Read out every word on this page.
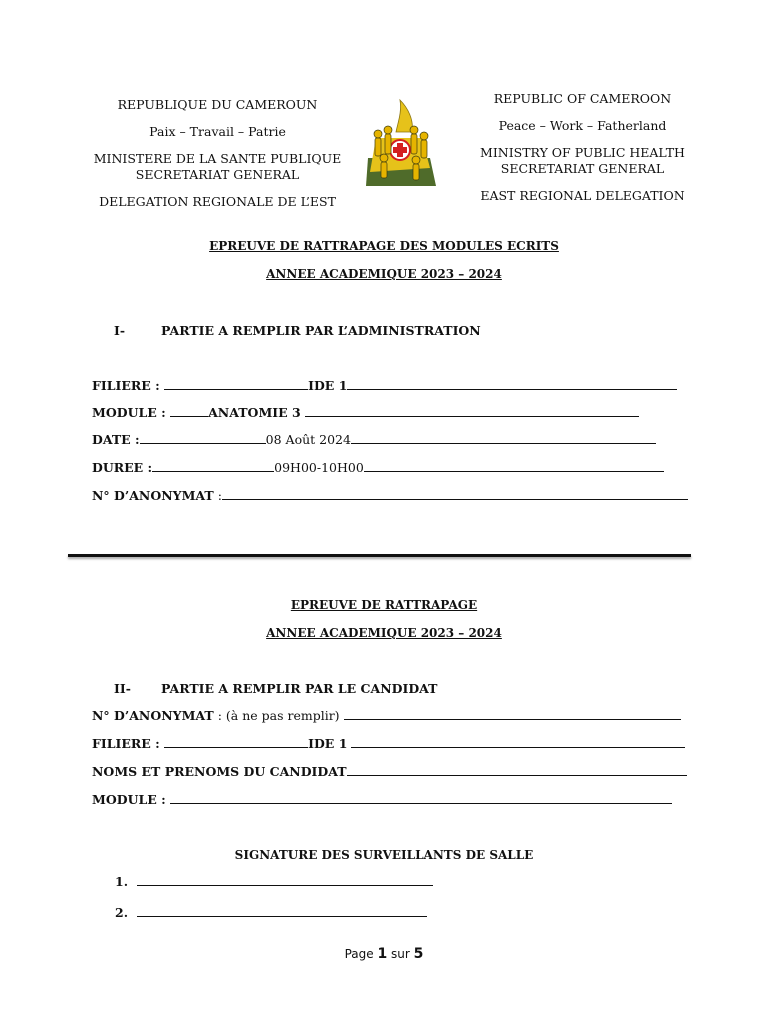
REPUBLIQUE DU CAMEROUN
Paix – Travail – Patrie
MINISTERE DE LA SANTE PUBLIQUE
SECRETARIAT GENERAL
DELEGATION REGIONALE DE L’EST
REPUBLIC OF CAMEROON
Peace – Work – Fatherland
MINISTRY OF PUBLIC HEALTH
SECRETARIAT GENERAL
EAST REGIONAL DELEGATION
EPREUVE DE RATTRAPAGE DES MODULES ECRITS
ANNEE ACADEMIQUE 2023 – 2024
I-	PARTIE A REMPLIR PAR L’ADMINISTRATION
FILIERE :	IDE 1
MODULE :	ANATOMIE 3
DATE :	08 Août 2024
DUREE :	09H00-10H00
N° D’ANONYMAT :
EPREUVE DE RATTRAPAGE
ANNEE ACADEMIQUE 2023 – 2024
II- PARTIE A REMPLIR PAR LE CANDIDAT
N° D’ANONYMAT : (à ne pas remplir)
FILIERE :	IDE 1
NOMS ET PRENOMS DU CANDIDAT
MODULE :
SIGNATURE DES SURVEILLANTS DE SALLE
1.
2.
Page 1 sur 5
